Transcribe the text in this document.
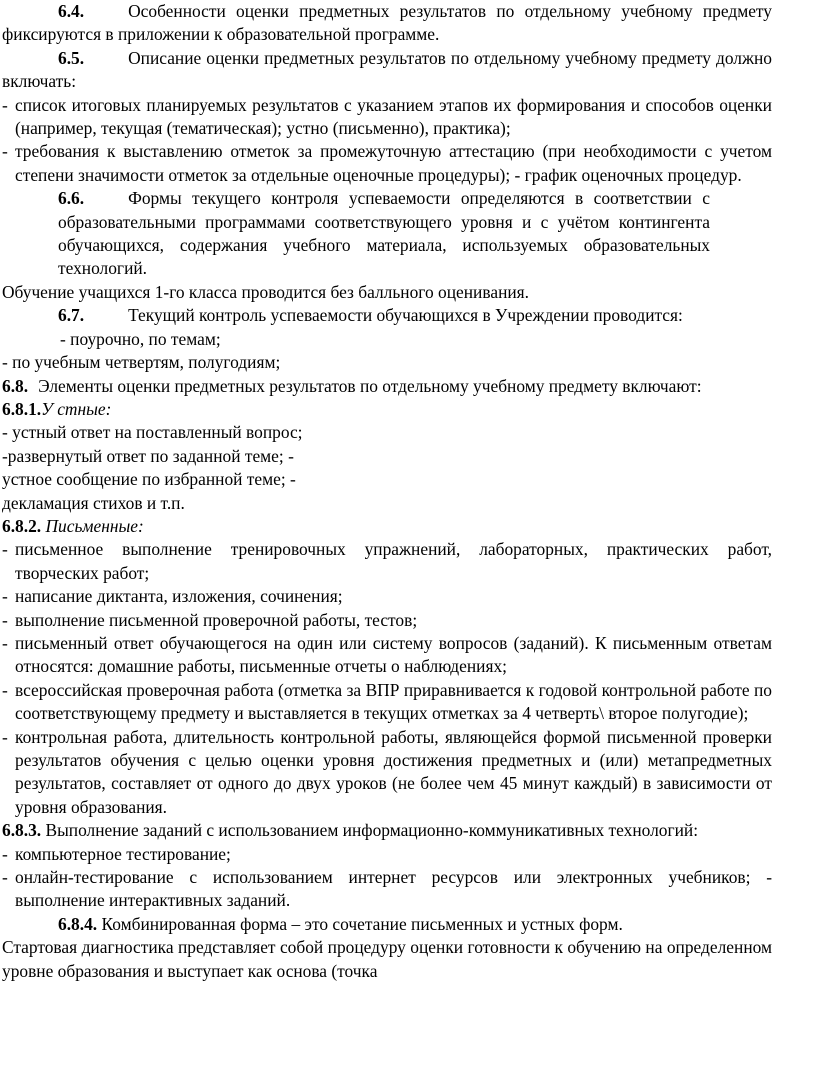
6.4.	Особенности оценки предметных результатов по отдельному учебному предмету фиксируются в приложении к образовательной программе.

6.5.	Описание оценки предметных результатов по отдельному учебному предмету должно включать:

- список итоговых планируемых результатов с указанием этапов их формирования и способов оценки (например, текущая (тематическая); устно (письменно), практика);

- требования к выставлению отметок за промежуточную аттестацию (при необходимости с учетом степени значимости отметок за отдельные оценочные процедуры); - график оценочных процедур.

6.6.	Формы текущего контроля успеваемости определяются в соответствии с образовательными программами соответствующего уровня и с учётом контингента обучающихся, содержания учебного материала, используемых образовательных технологий.

Обучение учащихся 1-го класса проводится без балльного оценивания.

6.7.	Текущий контроль успеваемости обучающихся в Учреждении проводится:

- поурочно, по темам;

- по учебным четвертям, полугодиям;

6.8. Элементы оценки предметных результатов по отдельному учебному предмету включают:

6.8.1.У стные:

- устный ответ на поставленный вопрос;

-развернутый ответ по заданной теме; -

устное сообщение по избранной теме; -

декламация стихов и т.п.

6.8.2. Письменные:

- письменное выполнение тренировочных упражнений, лабораторных, практических работ, творческих работ;

- написание диктанта, изложения, сочинения;

- выполнение письменной проверочной работы, тестов;

- письменный ответ обучающегося на один или систему вопросов (заданий). К письменным ответам относятся: домашние работы, письменные отчеты о наблюдениях;

- всероссийская проверочная работа (отметка за ВПР приравнивается к годовой контрольной работе по соответствующему предмету и выставляется в текущих отметках за 4 четверть\ второе полугодие);

- контрольная работа, длительность контрольной работы, являющейся формой письменной проверки результатов обучения с целью оценки уровня достижения предметных и (или) метапредметных результатов, составляет от одного до двух уроков (не более чем 45 минут каждый) в зависимости от уровня образования.

6.8.3. Выполнение заданий с использованием информационно-коммуникативных технологий:

- компьютерное тестирование;

- онлайн-тестирование с использованием интернет ресурсов или электронных учебников; - выполнение интерактивных заданий.

6.8.4. Комбинированная форма – это сочетание письменных и устных форм.

Стартовая диагностика представляет собой процедуру оценки готовности к обучению на определенном уровне образования и выступает как основа (точка
